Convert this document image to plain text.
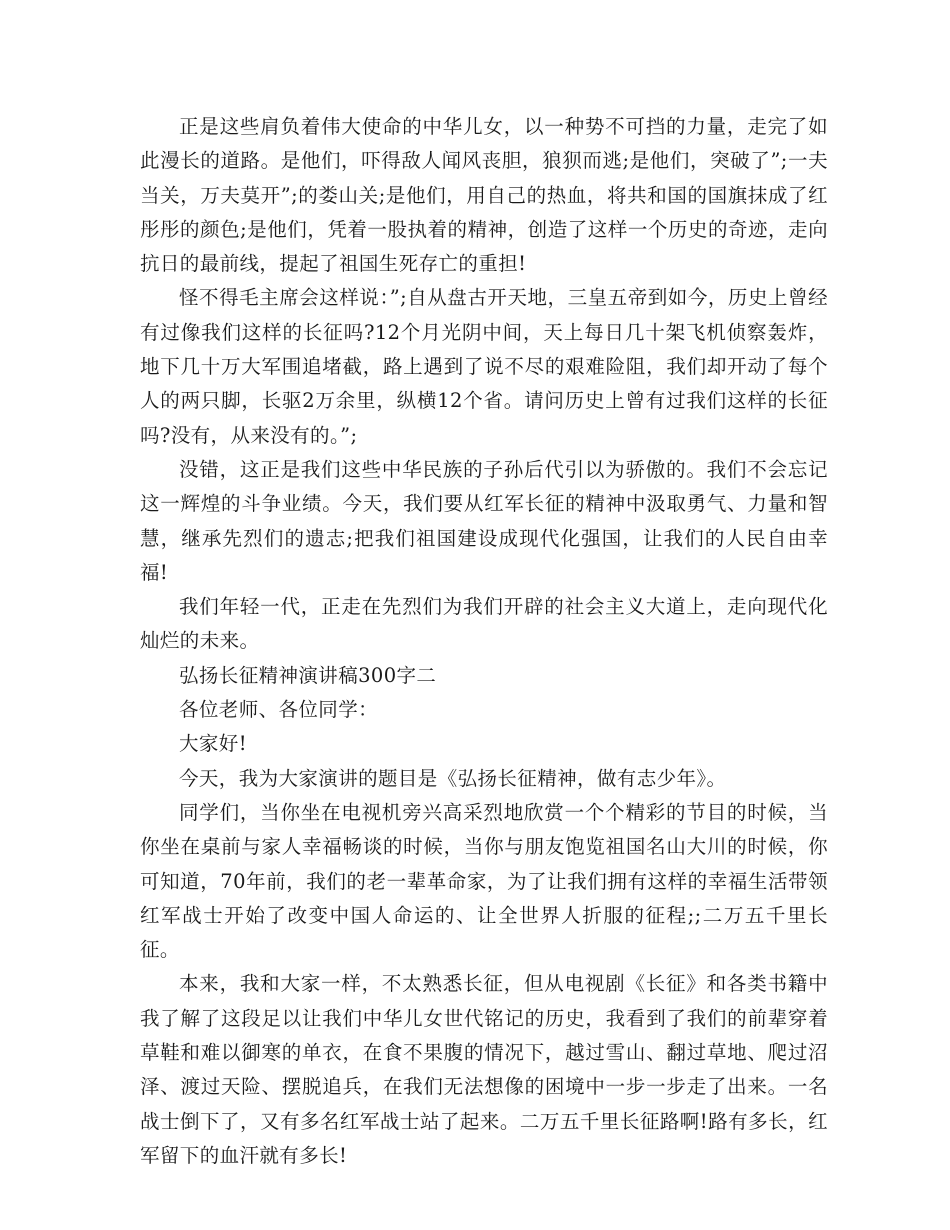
正是这些肩负着伟大使命的中华儿女，以一种势不可挡的力量，走完了如此漫长的道路。是他们，吓得敌人闻风丧胆，狼狈而逃;是他们，突破了”;一夫当关，万夫莫开”;的娄山关;是他们，用自己的热血，将共和国的国旗抹成了红彤彤的颜色;是他们，凭着一股执着的精神，创造了这样一个历史的奇迹，走向抗日的最前线，提起了祖国生死存亡的重担!

怪不得毛主席会这样说：”;自从盘古开天地，三皇五帝到如今，历史上曾经有过像我们这样的长征吗?12个月光阴中间，天上每日几十架飞机侦察轰炸，地下几十万大军围追堵截，路上遇到了说不尽的艰难险阻，我们却开动了每个人的两只脚，长驱2万余里，纵横12个省。请问历史上曾有过我们这样的长征吗?没有，从来没有的。”;

没错，这正是我们这些中华民族的子孙后代引以为骄傲的。我们不会忘记这一辉煌的斗争业绩。今天，我们要从红军长征的精神中汲取勇气、力量和智慧，继承先烈们的遗志;把我们祖国建设成现代化强国，让我们的人民自由幸福!

我们年轻一代，正走在先烈们为我们开辟的社会主义大道上，走向现代化灿烂的未来。

弘扬长征精神演讲稿300字二

各位老师、各位同学：

大家好!

今天，我为大家演讲的题目是《弘扬长征精神，做有志少年》。

同学们，当你坐在电视机旁兴高采烈地欣赏一个个精彩的节目的时候，当你坐在桌前与家人幸福畅谈的时候，当你与朋友饱览祖国名山大川的时候，你可知道，70年前，我们的老一辈革命家，为了让我们拥有这样的幸福生活带领红军战士开始了改变中国人命运的、让全世界人折服的征程;;二万五千里长征。

本来，我和大家一样，不太熟悉长征，但从电视剧《长征》和各类书籍中我了解了这段足以让我们中华儿女世代铭记的历史，我看到了我们的前辈穿着草鞋和难以御寒的单衣，在食不果腹的情况下，越过雪山、翻过草地、爬过沼泽、渡过天险、摆脱追兵，在我们无法想像的困境中一步一步走了出来。一名战士倒下了，又有多名红军战士站了起来。二万五千里长征路啊!路有多长，红军留下的血汗就有多长!
